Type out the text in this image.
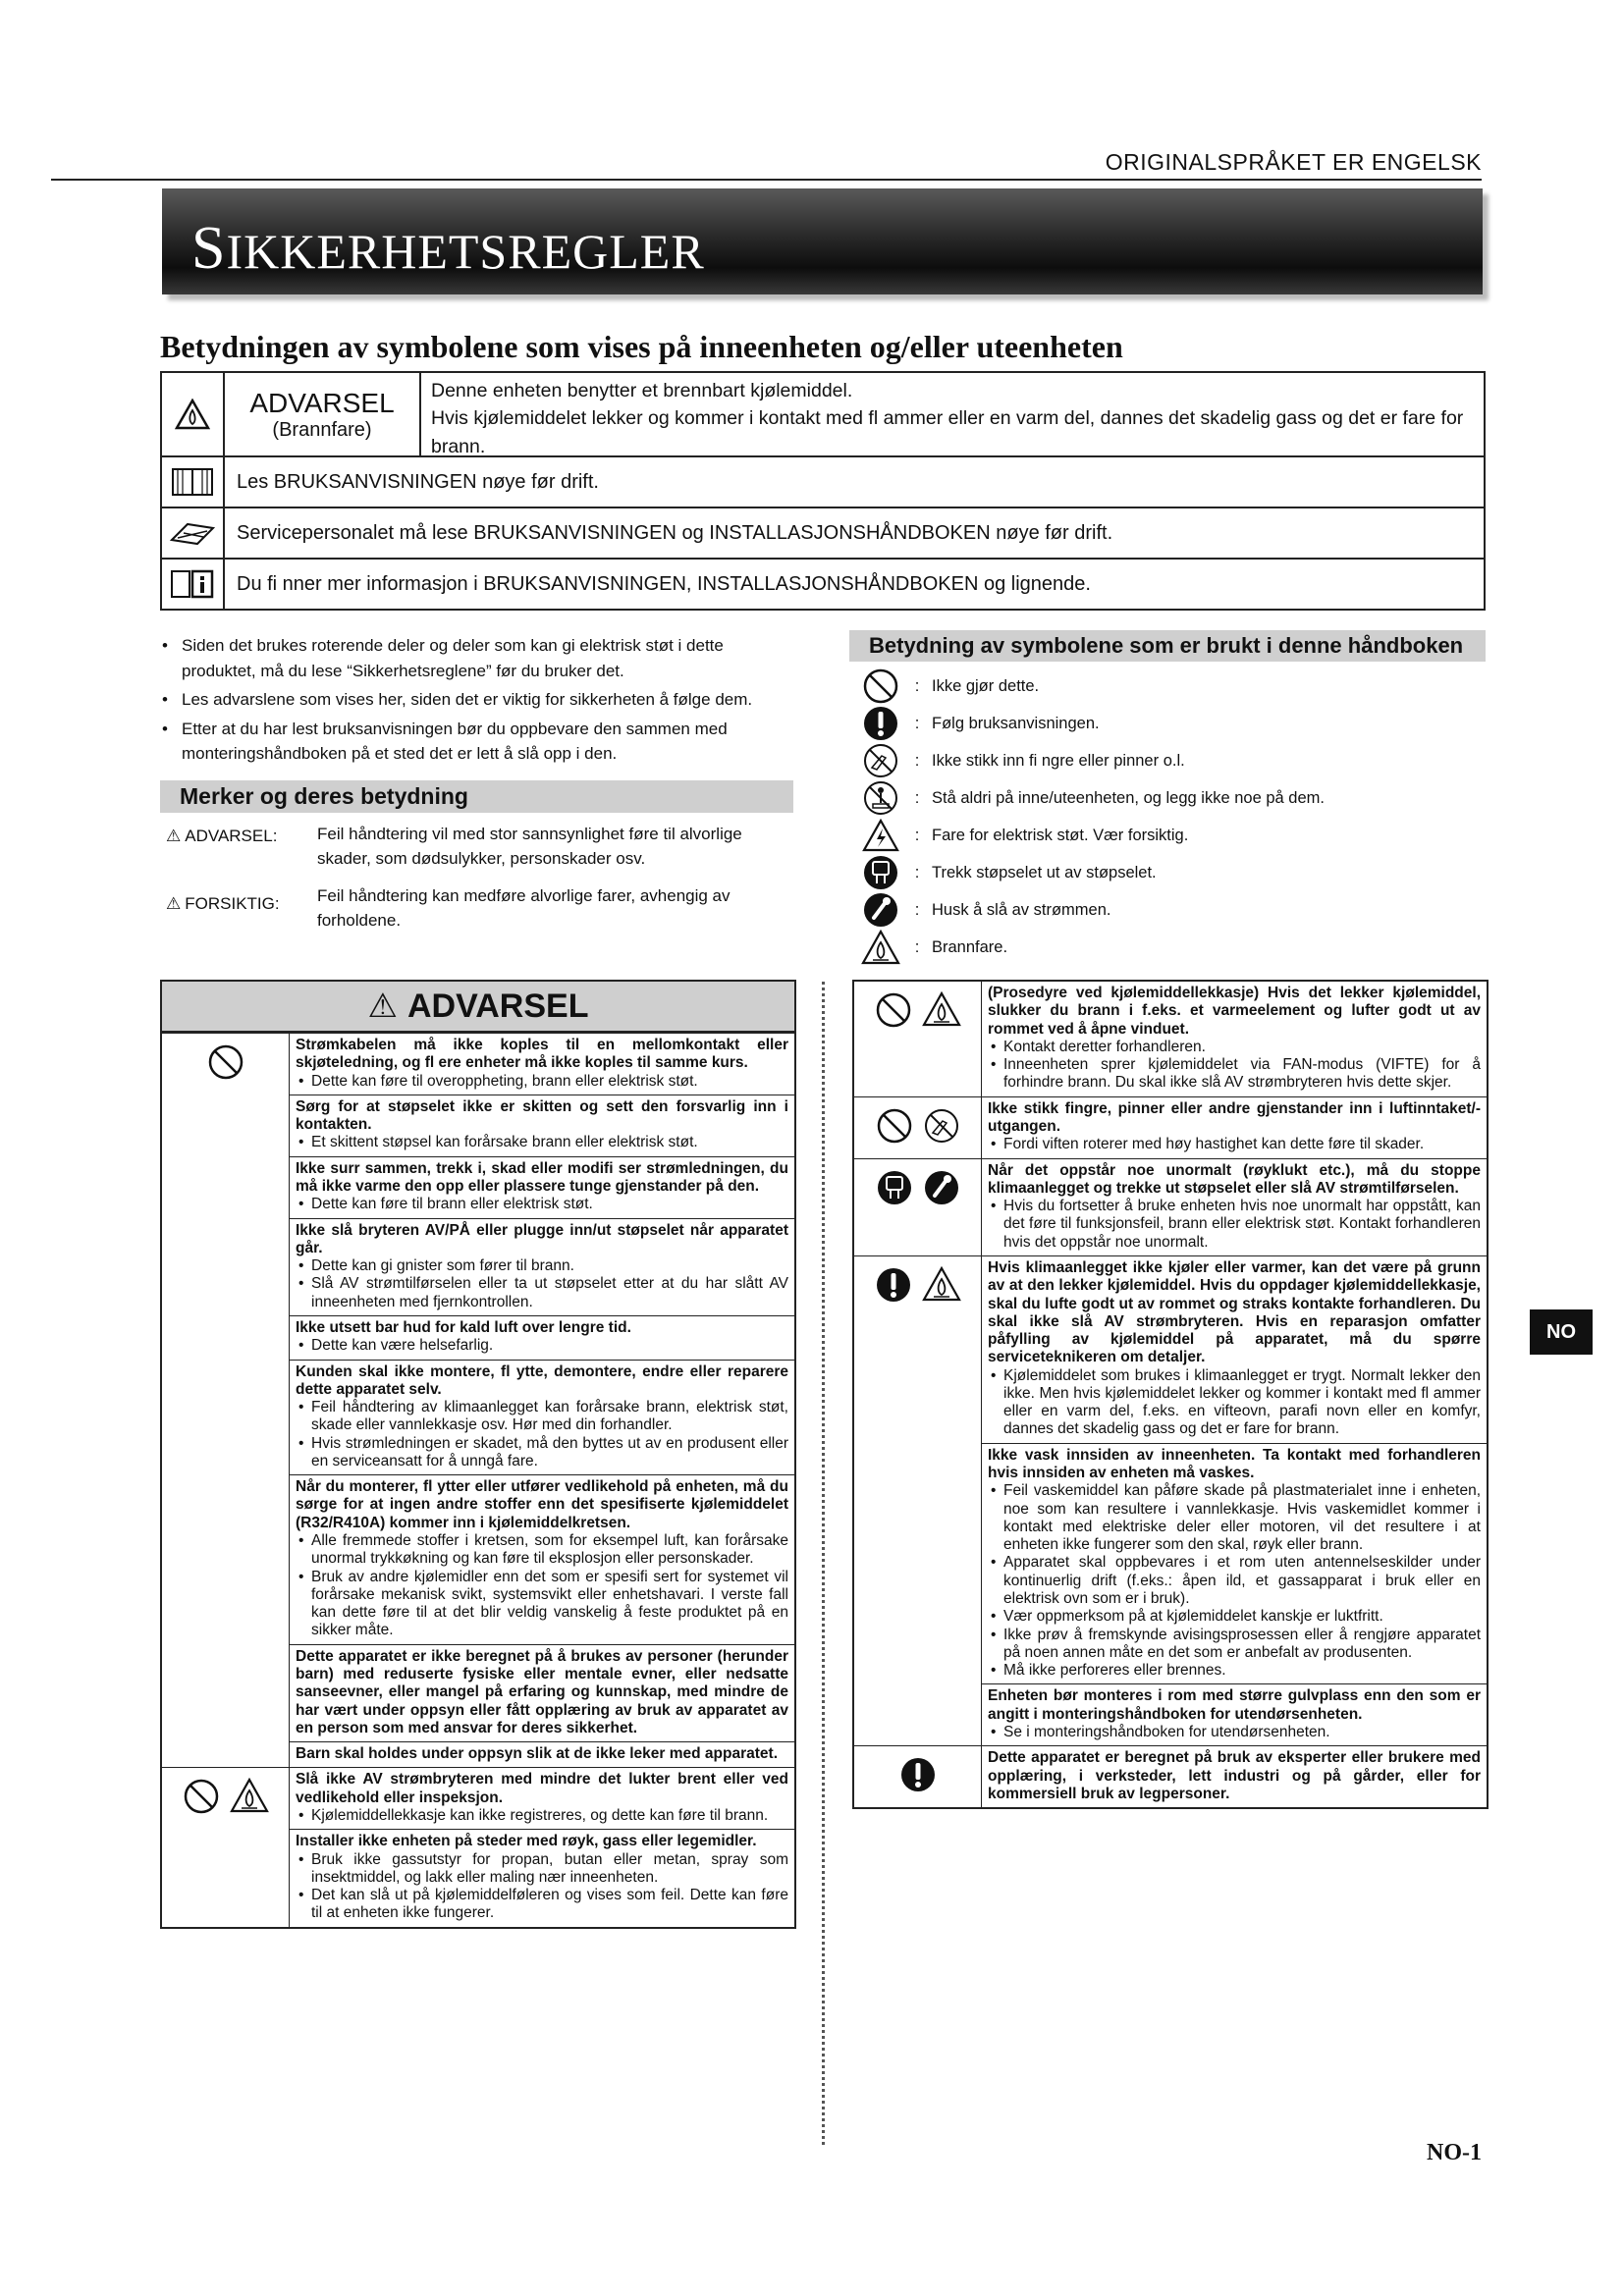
ORIGINALSPRÅKET ER ENGELSK
SIKKERHETSREGLER
Betydningen av symbolene som vises på inneenheten og/eller uteenheten
ADVARSEL
(Brannfare)
Denne enheten benytter et brennbart kjølemiddel.
Hvis kjølemiddelet lekker og kommer i kontakt med fl ammer eller en varm del, dannes det skadelig gass og det er fare for brann.
Les BRUKSANVISNINGEN nøye før drift.
Servicepersonalet må lese BRUKSANVISNINGEN og INSTALLASJONSHÅNDBOKEN nøye før drift.
Du fi nner mer informasjon i BRUKSANVISNINGEN, INSTALLASJONSHÅNDBOKEN og lignende.
• Siden det brukes roterende deler og deler som kan gi elektrisk støt i dette produktet, må du lese “Sikkerhetsreglene” før du bruker det.
• Les advarslene som vises her, siden det er viktig for sikkerheten å følge dem.
• Etter at du har lest bruksanvisningen bør du oppbevare den sammen med monteringshåndboken på et sted det er lett å slå opp i den.
Merker og deres betydning
⚠ ADVARSEL: Feil håndtering vil med stor sannsynlighet føre til alvorlige skader, som dødsulykker, personskader osv.
⚠ FORSIKTIG: Feil håndtering kan medføre alvorlige farer, avhengig av forholdene.
Betydning av symbolene som er brukt i denne håndboken
: Ikke gjør dette.
: Følg bruksanvisningen.
: Ikke stikk inn fi ngre eller pinner o.l.
: Stå aldri på inne/uteenheten, og legg ikke noe på dem.
: Fare for elektrisk støt. Vær forsiktig.
: Trekk støpselet ut av støpselet.
: Husk å slå av strømmen.
: Brannfare.
⚠ ADVARSEL
Strømkabelen må ikke koples til en mellomkontakt eller skjøteledning, og fl ere enheter må ikke koples til samme kurs.
• Dette kan føre til overoppheting, brann eller elektrisk støt.
Sørg for at støpselet ikke er skitten og sett den forsvarlig inn i kontakten.
• Et skittent støpsel kan forårsake brann eller elektrisk støt.
Ikke surr sammen, trekk i, skad eller modifi ser strømledningen, du må ikke varme den opp eller plassere tunge gjenstander på den.
• Dette kan føre til brann eller elektrisk støt.
Ikke slå bryteren AV/PÅ eller plugge inn/ut støpselet når apparatet går.
• Dette kan gi gnister som fører til brann.
• Slå AV strømtilførselen eller ta ut støpselet etter at du har slått AV inneenheten med fjernkontrollen.
Ikke utsett bar hud for kald luft over lengre tid.
• Dette kan være helsefarlig.
Kunden skal ikke montere, fl ytte, demontere, endre eller reparere dette apparatet selv.
• Feil håndtering av klimaanlegget kan forårsake brann, elektrisk støt, skade eller vannlekkasje osv. Hør med din forhandler.
• Hvis strømledningen er skadet, må den byttes ut av en produsent eller en serviceansatt for å unngå fare.
Når du monterer, fl ytter eller utfører vedlikehold på enheten, må du sørge for at ingen andre stoffer enn det spesifiserte kjølemiddelet (R32/R410A) kommer inn i kjølemiddelkretsen.
• Alle fremmede stoffer i kretsen, som for eksempel luft, kan forårsake unormal trykkøkning og kan føre til eksplosjon eller personskader.
• Bruk av andre kjølemidler enn det som er spesifi sert for systemet vil forårsake mekanisk svikt, systemsvikt eller enhetshavari. I verste fall kan dette føre til at det blir veldig vanskelig å feste produktet på en sikker måte.
Dette apparatet er ikke beregnet på å brukes av personer (herunder barn) med reduserte fysiske eller mentale evner, eller nedsatte sanseevner, eller mangel på erfaring og kunnskap, med mindre de har vært under oppsyn eller fått opplæring av bruk av apparatet av en person som med ansvar for deres sikkerhet.
Barn skal holdes under oppsyn slik at de ikke leker med apparatet.
Slå ikke AV strømbryteren med mindre det lukter brent eller ved vedlikehold eller inspeksjon.
• Kjølemiddellekkasje kan ikke registreres, og dette kan føre til brann.
Installer ikke enheten på steder med røyk, gass eller legemidler.
• Bruk ikke gassutstyr for propan, butan eller metan, spray som insektmiddel, og lakk eller maling nær inneenheten.
• Det kan slå ut på kjølemiddelføleren og vises som feil. Dette kan føre til at enheten ikke fungerer.
(Prosedyre ved kjølemiddellekkasje) Hvis det lekker kjølemiddel, slukker du brann i f.eks. et varmeelement og lufter godt ut av rommet ved å åpne vinduet.
• Kontakt deretter forhandleren.
• Inneenheten sprer kjølemiddelet via FAN-modus (VIFTE) for å forhindre brann. Du skal ikke slå AV strømbryteren hvis dette skjer.
Ikke stikk fingre, pinner eller andre gjenstander inn i luftinntaket/-utgangen.
• Fordi viften roterer med høy hastighet kan dette føre til skader.
Når det oppstår noe unormalt (røyklukt etc.), må du stoppe klimaanlegget og trekke ut støpselet eller slå AV strømtilførselen.
• Hvis du fortsetter å bruke enheten hvis noe unormalt har oppstått, kan det føre til funksjonsfeil, brann eller elektrisk støt. Kontakt forhandleren hvis det oppstår noe unormalt.
Hvis klimaanlegget ikke kjøler eller varmer, kan det være på grunn av at den lekker kjølemiddel. Hvis du oppdager kjølemiddellekkasje, skal du lufte godt ut av rommet og straks kontakte forhandleren. Du skal ikke slå AV strømbryteren. Hvis en reparasjon omfatter påfylling av kjølemiddel på apparatet, må du spørre serviceteknikeren om detaljer.
• Kjølemiddelet som brukes i klimaanlegget er trygt. Normalt lekker den ikke. Men hvis kjølemiddelet lekker og kommer i kontakt med fl ammer eller en varm del, f.eks. en vifteovn, parafi novn eller en komfyr, dannes det skadelig gass og det er fare for brann.
Ikke vask innsiden av inneenheten. Ta kontakt med forhandleren hvis innsiden av enheten må vaskes.
• Feil vaskemiddel kan påføre skade på plastmaterialet inne i enheten, noe som kan resultere i vannlekkasje. Hvis vaskemidlet kommer i kontakt med elektriske deler eller motoren, vil det resultere i at enheten ikke fungerer som den skal, røyk eller brann.
• Apparatet skal oppbevares i et rom uten antennelseskilder under kontinuerlig drift (f.eks.: åpen ild, et gassapparat i bruk eller en elektrisk ovn som er i bruk).
• Vær oppmerksom på at kjølemiddelet kanskje er luktfritt.
• Ikke prøv å fremskynde avisingsprosessen eller å rengjøre apparatet på noen annen måte en det som er anbefalt av produsenten.
• Må ikke perforeres eller brennes.
Enheten bør monteres i rom med større gulvplass enn den som er angitt i monteringshåndboken for utendørsenheten.
• Se i monteringshåndboken for utendørsenheten.
Dette apparatet er beregnet på bruk av eksperter eller brukere med opplæring, i verksteder, lett industri og på gårder, eller for kommersiell bruk av legpersoner.
NO
NO-1
